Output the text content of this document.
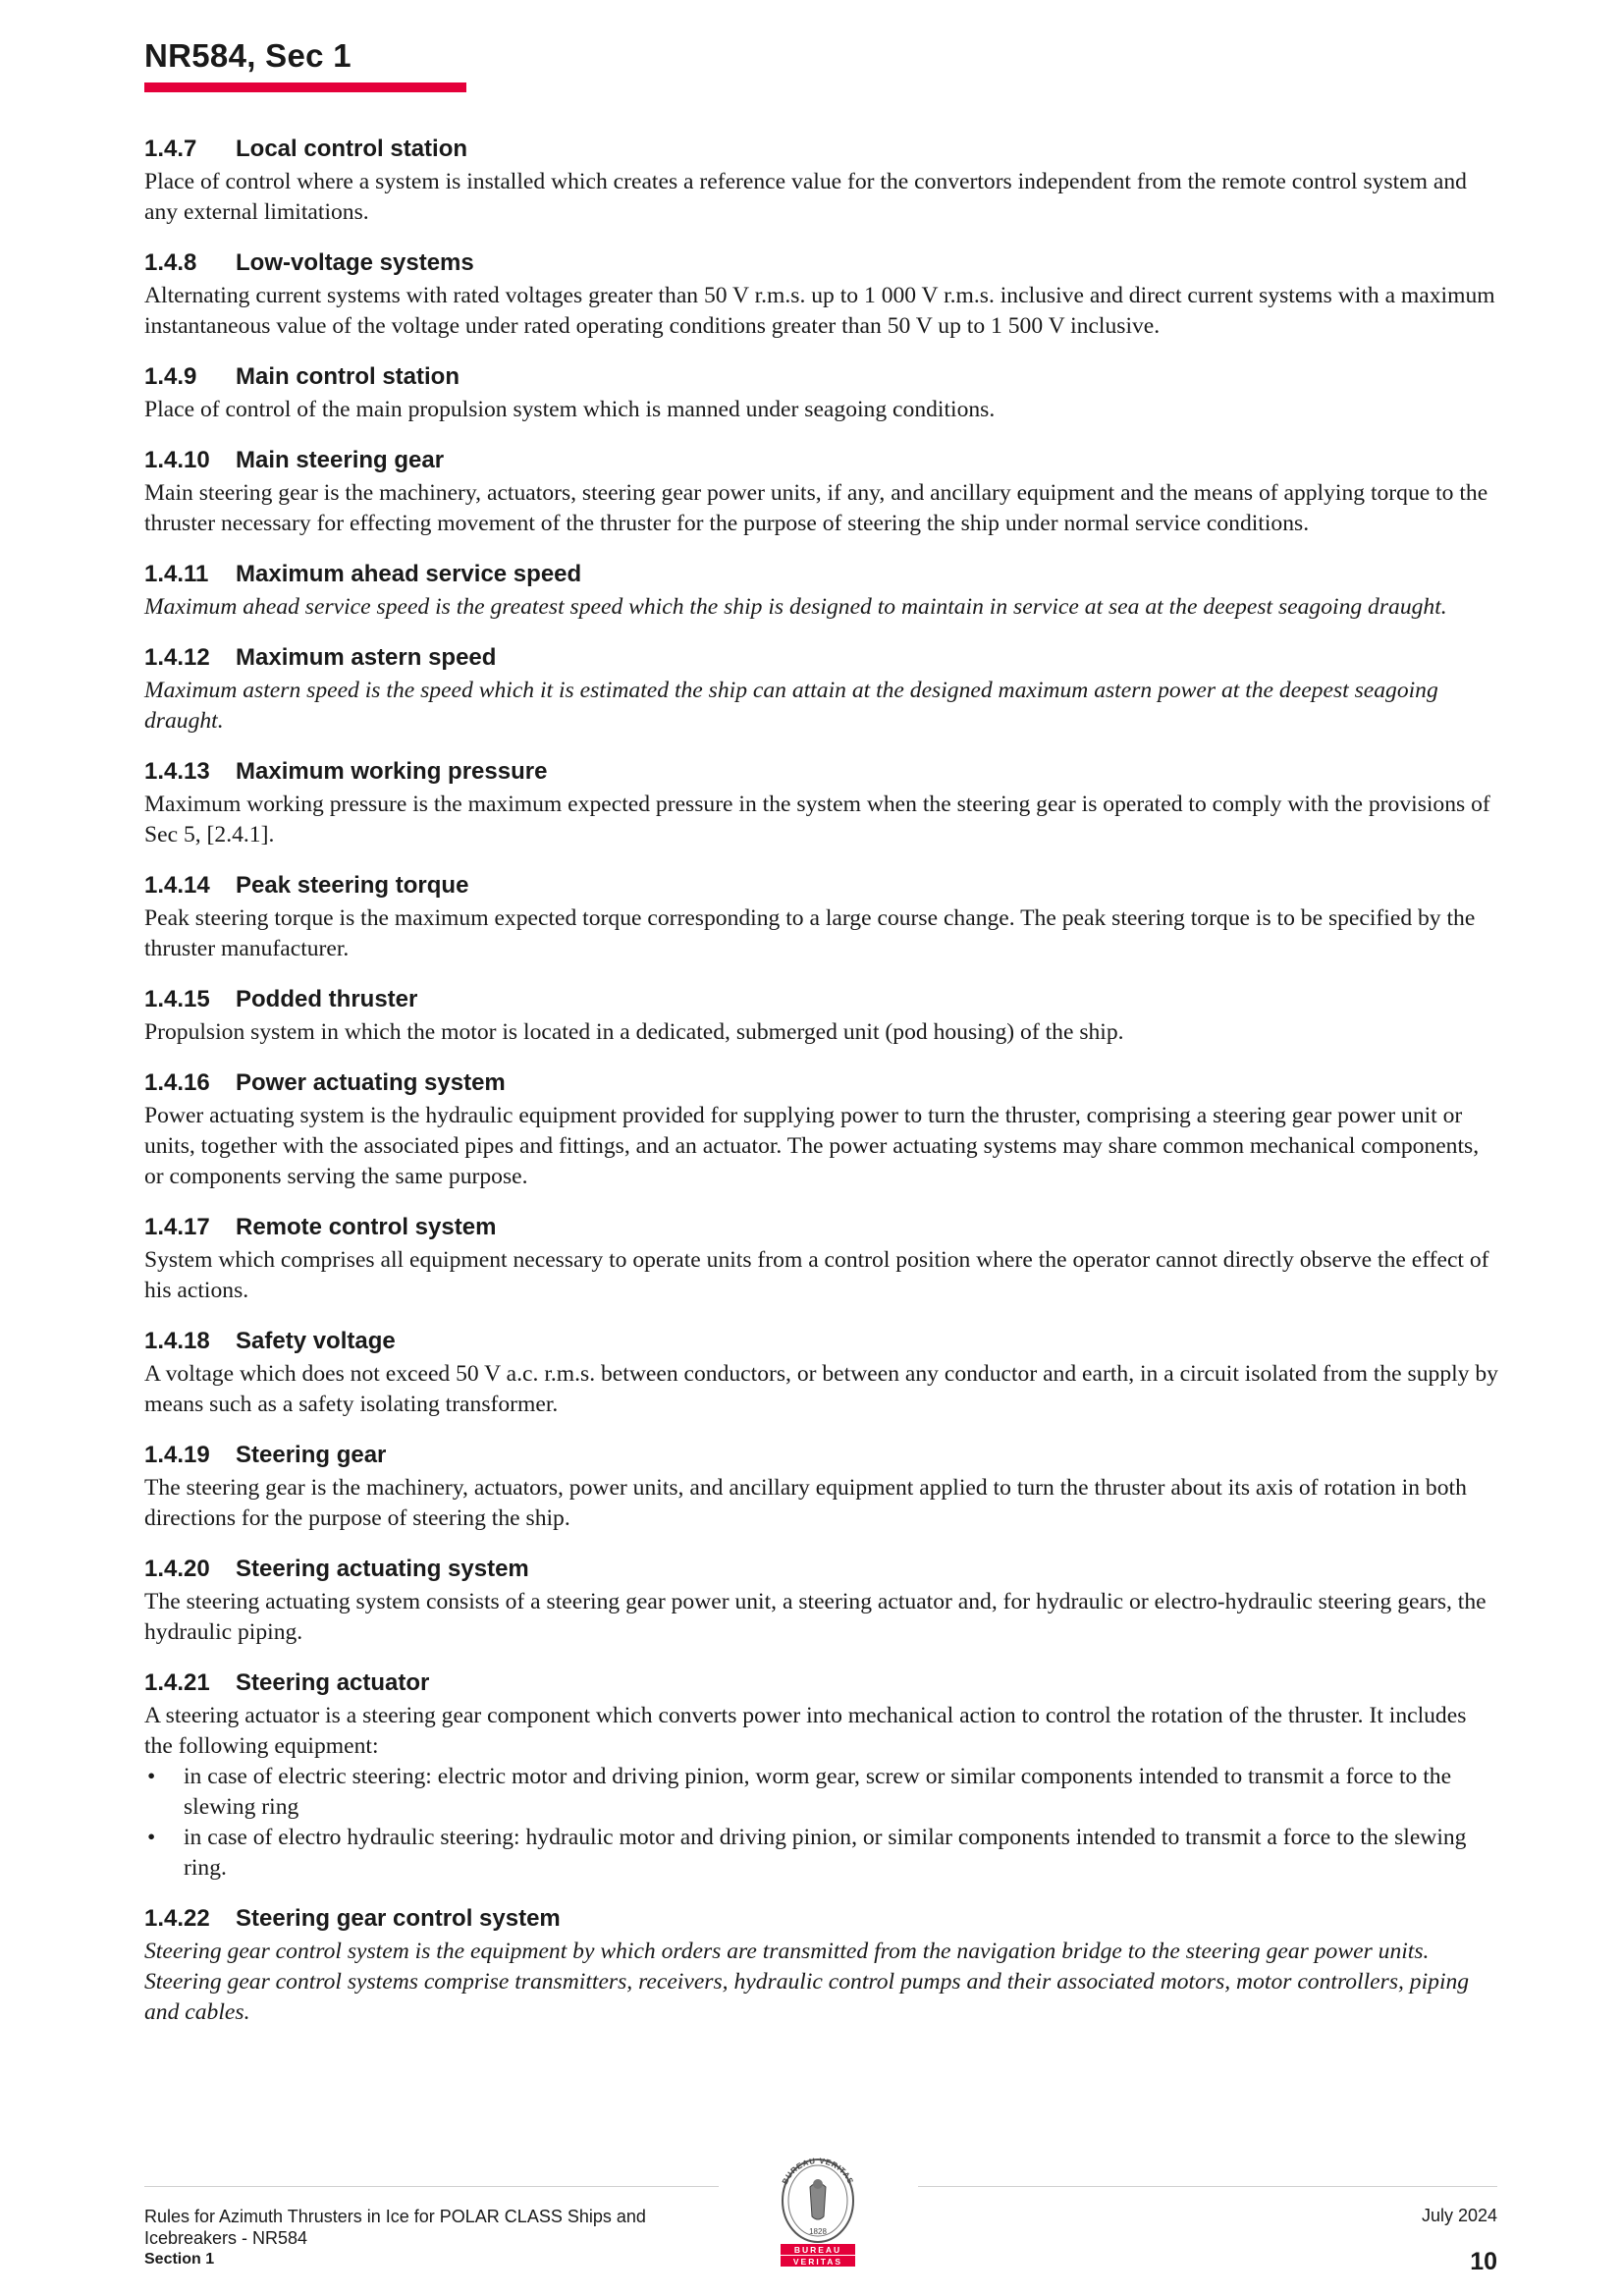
NR584, Sec 1
1.4.7 Local control station

Place of control where a system is installed which creates a reference value for the convertors independent from the remote control system and any external limitations.

1.4.8 Low-voltage systems

Alternating current systems with rated voltages greater than 50 V r.m.s. up to 1 000 V r.m.s. inclusive and direct current systems with a maximum instantaneous value of the voltage under rated operating conditions greater than 50 V up to 1 500 V inclusive.

1.4.9 Main control station

Place of control of the main propulsion system which is manned under seagoing conditions.

1.4.10 Main steering gear

Main steering gear is the machinery, actuators, steering gear power units, if any, and ancillary equipment and the means of applying torque to the thruster necessary for effecting movement of the thruster for the purpose of steering the ship under normal service conditions.

1.4.11 Maximum ahead service speed

Maximum ahead service speed is the greatest speed which the ship is designed to maintain in service at sea at the deepest seagoing draught.

1.4.12 Maximum astern speed

Maximum astern speed is the speed which it is estimated the ship can attain at the designed maximum astern power at the deepest seagoing draught.

1.4.13 Maximum working pressure

Maximum working pressure is the maximum expected pressure in the system when the steering gear is operated to comply with the provisions of Sec 5, [2.4.1].

1.4.14 Peak steering torque

Peak steering torque is the maximum expected torque corresponding to a large course change. The peak steering torque is to be specified by the thruster manufacturer.

1.4.15 Podded thruster

Propulsion system in which the motor is located in a dedicated, submerged unit (pod housing) of the ship.

1.4.16 Power actuating system

Power actuating system is the hydraulic equipment provided for supplying power to turn the thruster, comprising a steering gear power unit or units, together with the associated pipes and fittings, and an actuator. The power actuating systems may share common mechanical components, or components serving the same purpose.

1.4.17 Remote control system

System which comprises all equipment necessary to operate units from a control position where the operator cannot directly observe the effect of his actions.

1.4.18 Safety voltage

A voltage which does not exceed 50 V a.c. r.m.s. between conductors, or between any conductor and earth, in a circuit isolated from the supply by means such as a safety isolating transformer.

1.4.19 Steering gear

The steering gear is the machinery, actuators, power units, and ancillary equipment applied to turn the thruster about its axis of rotation in both directions for the purpose of steering the ship.

1.4.20 Steering actuating system

The steering actuating system consists of a steering gear power unit, a steering actuator and, for hydraulic or electro-hydraulic steering gears, the hydraulic piping.

1.4.21 Steering actuator

A steering actuator is a steering gear component which converts power into mechanical action to control the rotation of the thruster. It includes the following equipment:

• in case of electric steering: electric motor and driving pinion, worm gear, screw or similar components intended to transmit a force to the slewing ring
• in case of electro hydraulic steering: hydraulic motor and driving pinion, or similar components intended to transmit a force to the slewing ring.
1.4.22 Steering gear control system

Steering gear control system is the equipment by which orders are transmitted from the navigation bridge to the steering gear power units. Steering gear control systems comprise transmitters, receivers, hydraulic control pumps and their associated motors, motor controllers, piping and cables.

Rules for Azimuth Thrusters in Ice for POLAR CLASS Ships and
Icebreakers - NR584
Section 1
BUREAU VERITAS
1828
BUREAU
VERITAS
July 2024
10
